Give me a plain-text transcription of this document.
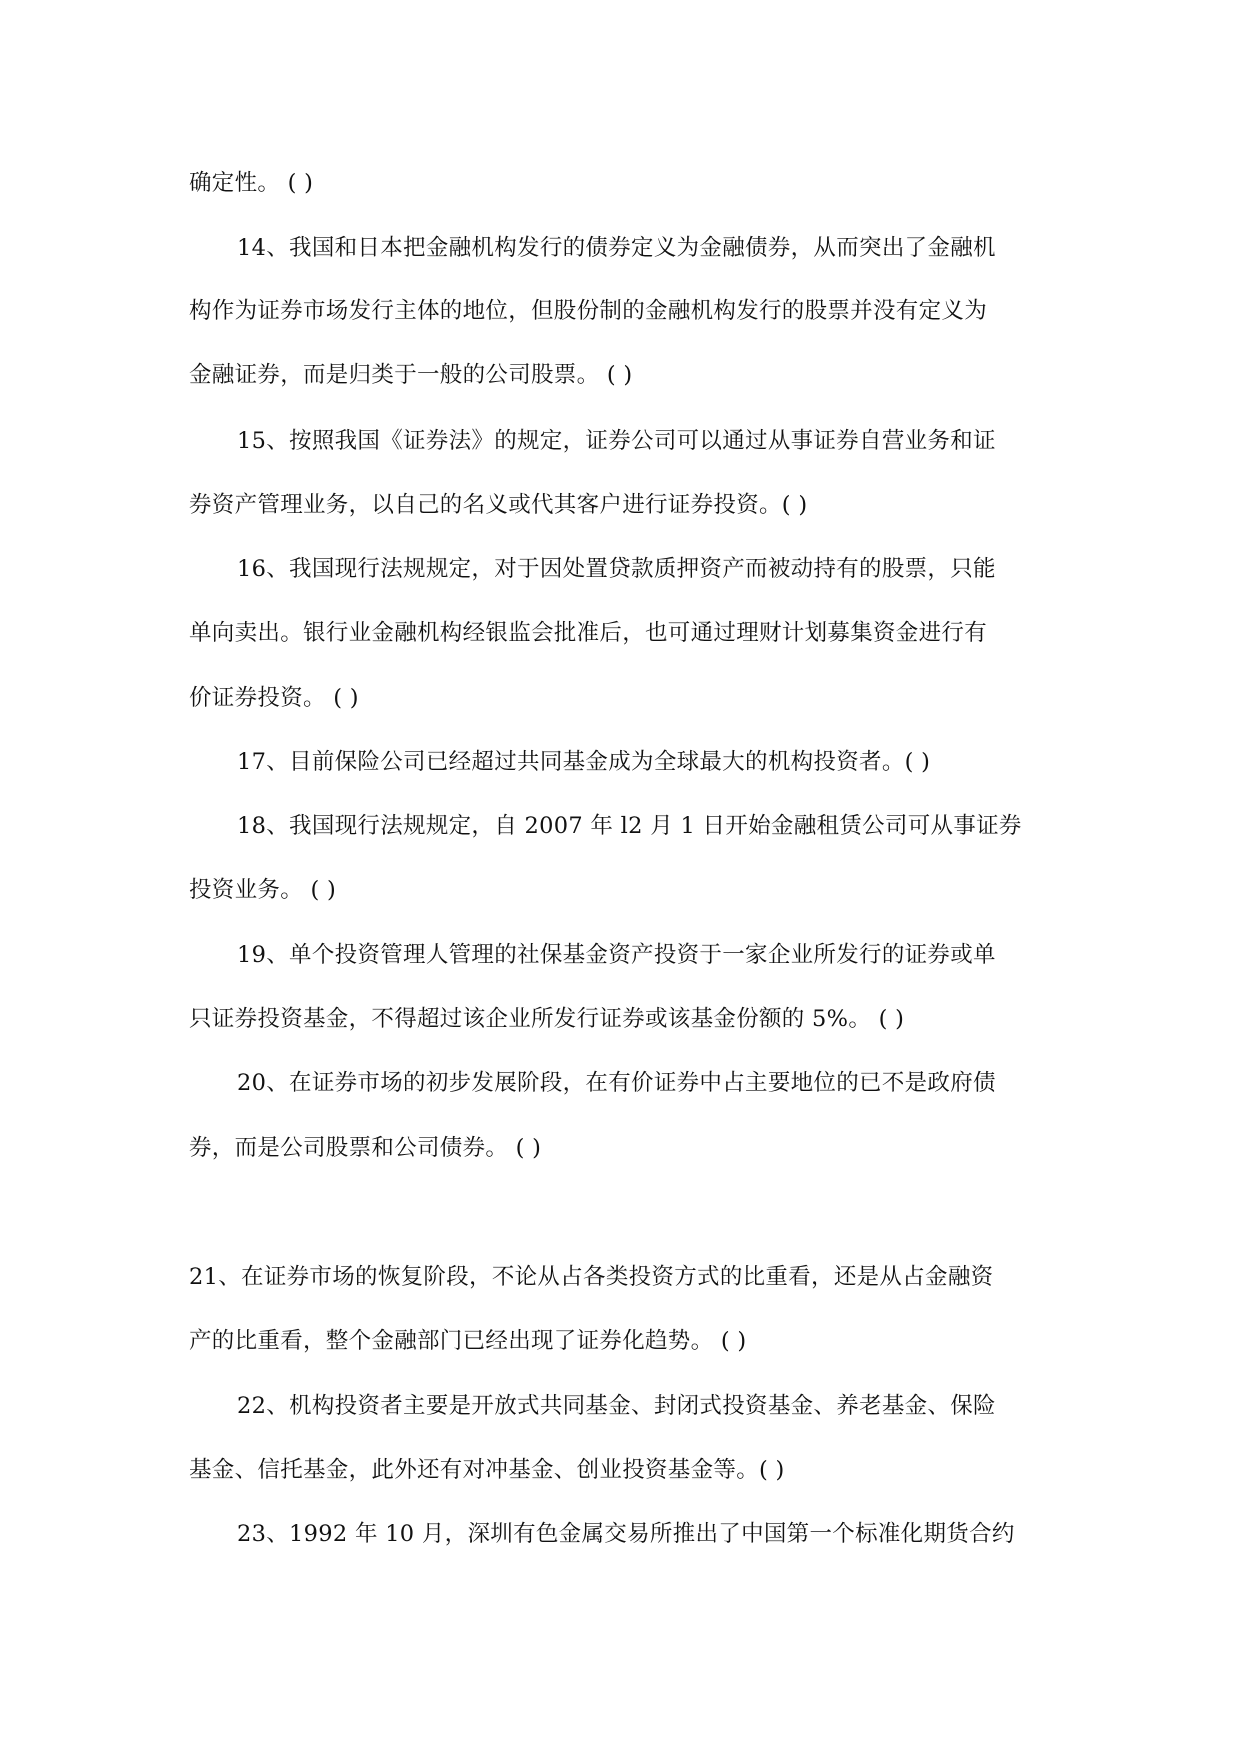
确定性。 ( )
14、我国和日本把金融机构发行的债券定义为金融债券，从而突出了金融机
构作为证券市场发行主体的地位，但股份制的金融机构发行的股票并没有定义为
金融证券，而是归类于一般的公司股票。 ( )
15、按照我国《证券法》的规定，证券公司可以通过从事证券自营业务和证
券资产管理业务，以自己的名义或代其客户进行证券投资。( )
16、我国现行法规规定，对于因处置贷款质押资产而被动持有的股票，只能
单向卖出。银行业金融机构经银监会批准后，也可通过理财计划募集资金进行有
价证券投资。 ( )
17、目前保险公司已经超过共同基金成为全球最大的机构投资者。( )
18、我国现行法规规定，自 2007 年 l2 月 1 日开始金融租赁公司可从事证券
投资业务。 ( )
19、单个投资管理人管理的社保基金资产投资于一家企业所发行的证券或单
只证券投资基金，不得超过该企业所发行证券或该基金份额的 5%。 ( )
20、在证券市场的初步发展阶段，在有价证券中占主要地位的已不是政府债
券，而是公司股票和公司债券。 ( )
21、在证券市场的恢复阶段，不论从占各类投资方式的比重看，还是从占金融资
产的比重看，整个金融部门已经出现了证券化趋势。 ( )
22、机构投资者主要是开放式共同基金、封闭式投资基金、养老基金、保险
基金、信托基金，此外还有对冲基金、创业投资基金等。( )
23、1992 年 10 月，深圳有色金属交易所推出了中国第一个标准化期货合约
